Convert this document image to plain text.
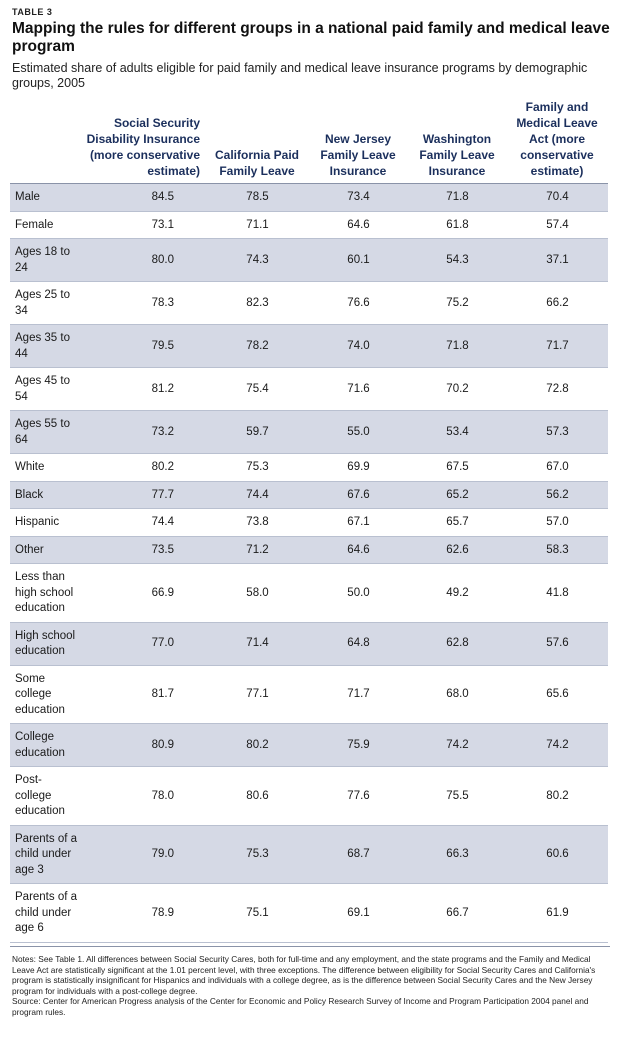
TABLE 3
Mapping the rules for different groups in a national paid family and medical leave program
Estimated share of adults eligible for paid family and medical leave insurance programs by demographic groups, 2005
	Social Security Disability Insurance (more conservative estimate)	California Paid Family Leave	New Jersey Family Leave Insurance	Washington Family Leave Insurance	Family and Medical Leave Act (more conservative estimate)
Male	84.5	78.5	73.4	71.8	70.4
Female	73.1	71.1	64.6	61.8	57.4
Ages 18 to 24	80.0	74.3	60.1	54.3	37.1
Ages 25 to 34	78.3	82.3	76.6	75.2	66.2
Ages 35 to 44	79.5	78.2	74.0	71.8	71.7
Ages 45 to 54	81.2	75.4	71.6	70.2	72.8
Ages 55 to 64	73.2	59.7	55.0	53.4	57.3
White	80.2	75.3	69.9	67.5	67.0
Black	77.7	74.4	67.6	65.2	56.2
Hispanic	74.4	73.8	67.1	65.7	57.0
Other	73.5	71.2	64.6	62.6	58.3
Less than high school education	66.9	58.0	50.0	49.2	41.8
High school education	77.0	71.4	64.8	62.8	57.6
Some college education	81.7	77.1	71.7	68.0	65.6
College education	80.9	80.2	75.9	74.2	74.2
Post-college education	78.0	80.6	77.6	75.5	80.2
Parents of a child under age 3	79.0	75.3	68.7	66.3	60.6
Parents of a child under age 6	78.9	75.1	69.1	66.7	61.9

Notes: See Table 1. All differences between Social Security Cares, both for full-time and any employment, and the state programs and the Family and Medical Leave Act are statistically significant at the 1.01 percent level, with three exceptions. The difference between eligibility for Social Security Cares and California's program is statistically insignificant for Hispanics and individuals with a college degree, as is the difference between Social Security Cares and the New Jersey program for individuals with a post-college degree.

Source: Center for American Progress analysis of the Center for Economic and Policy Research Survey of Income and Program Participation 2004 panel and program rules.
